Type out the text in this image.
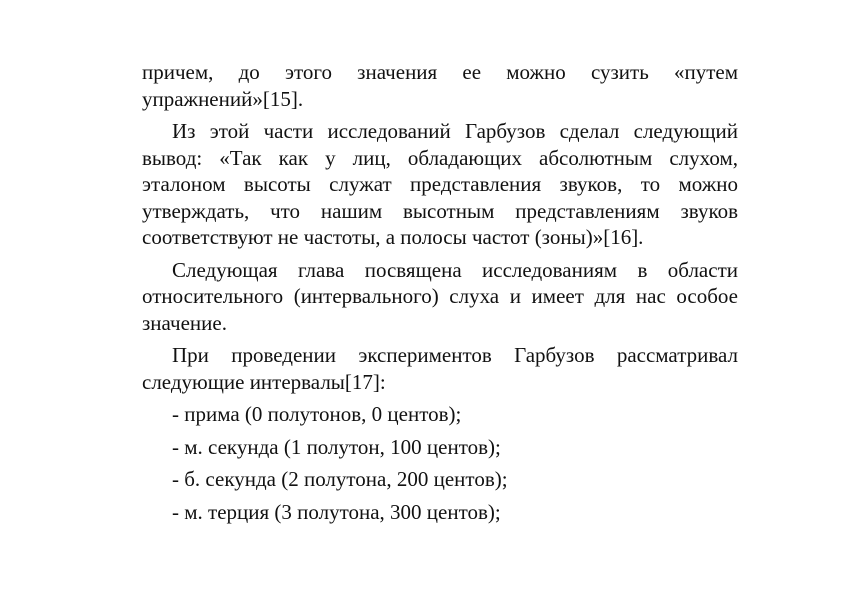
причем, до этого значения ее можно сузить «путем упражнений»[15].

Из этой части исследований Гарбузов сделал следующий вывод: «Так как у лиц, обладающих абсолютным слухом, эталоном высоты служат представления звуков, то можно утверждать, что нашим высотным представлениям звуков соответствуют не частоты, а полосы частот (зоны)»[16].

Следующая глава посвящена исследованиям в области относительного (интервального) слуха и имеет для нас особое значение.

При проведении экспериментов Гарбузов рассматривал следующие интервалы[17]:

- прима (0 полутонов, 0 центов);
- м. секунда (1 полутон, 100 центов);
- б. секунда (2 полутона, 200 центов);
- м. терция (3 полутона, 300 центов);
